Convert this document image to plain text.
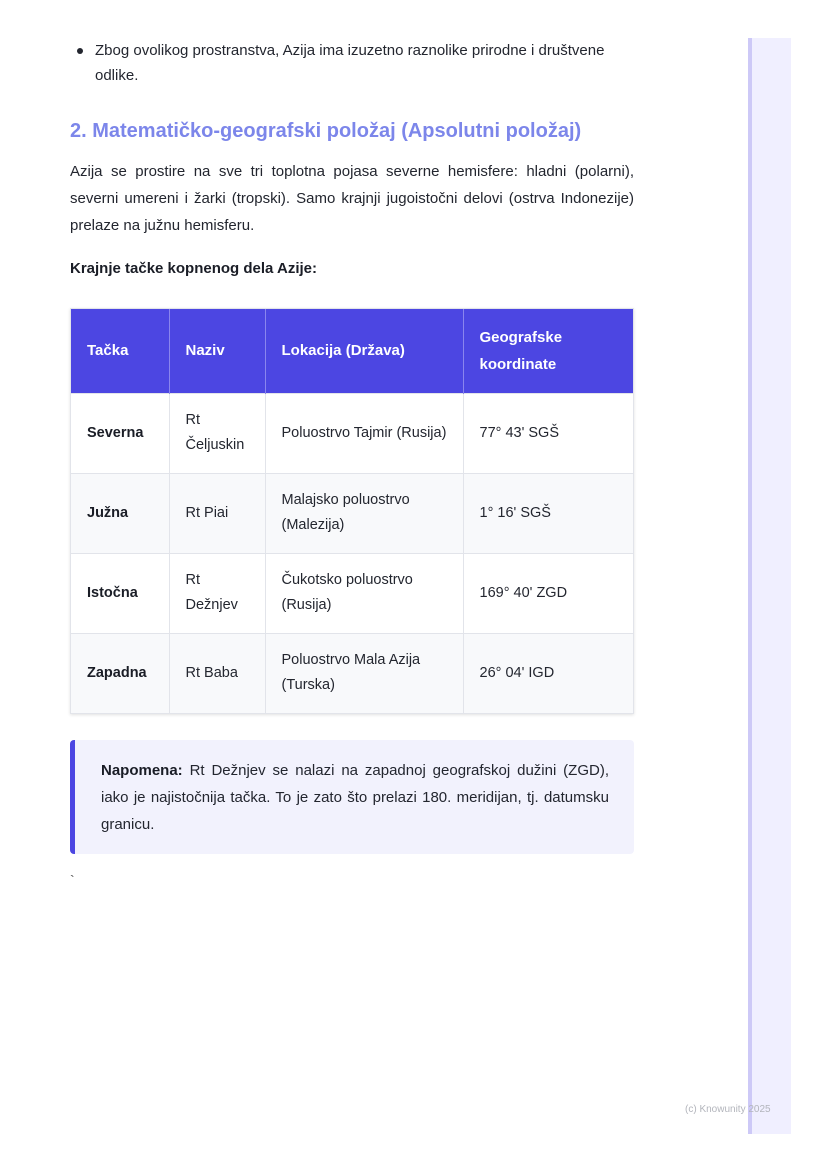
Zbog ovolikog prostranstva, Azija ima izuzetno raznolike prirodne i društvene odlike.
2. Matematičko-geografski položaj (Apsolutni položaj)

Azija se prostire na sve tri toplotna pojasa severne hemisfere: hladni (polarni), severni umereni i žarki (tropski). Samo krajnji jugoistočni delovi (ostrva Indonezije) prelaze na južnu hemisferu.

Krajnje tačke kopnenog dela Azije:

Tačka	Naziv	Lokacija (Država)	Geografske koordinate
Severna	Rt Čeljuskin	Poluostrvo Tajmir (Rusija)	77° 43' SGŠ
Južna	Rt Piai	Malajsko poluostrvo (Malezija)	1° 16' SGŠ
Istočna	Rt Dežnjev	Čukotsko poluostrvo (Rusija)	169° 40' ZGD
Zapadna	Rt Baba	Poluostrvo Mala Azija (Turska)	26° 04' IGD
Napomena: Rt Dežnjev se nalazi na zapadnoj geografskoj dužini (ZGD), iako je najistočnija tačka. To je zato što prelazi 180. meridijan, tj. datumsku granicu.
`
(c) Knowunity 2025
